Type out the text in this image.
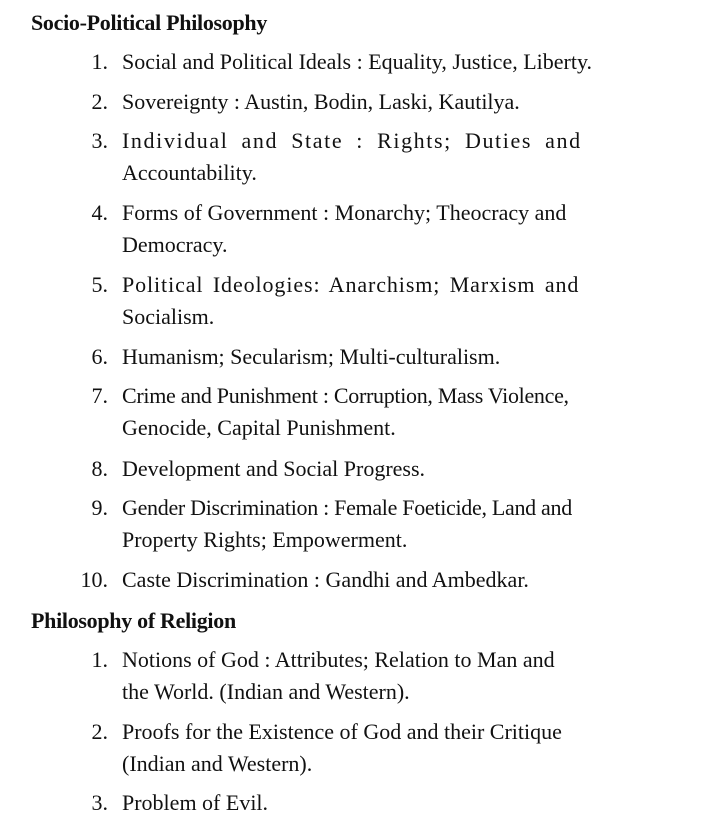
Socio-Political Philosophy
1. Social and Political Ideals : Equality, Justice, Liberty.
2. Sovereignty : Austin, Bodin, Laski, Kautilya.
3. Individual and State : Rights; Duties and
Accountability.
4. Forms of Government : Monarchy; Theocracy and
Democracy.
5. Political Ideologies: Anarchism; Marxism and
Socialism.
6. Humanism; Secularism; Multi-culturalism.
7. Crime and Punishment : Corruption, Mass Violence,
Genocide, Capital Punishment.
8. Development and Social Progress.
9. Gender Discrimination : Female Foeticide, Land and
Property Rights; Empowerment.
10. Caste Discrimination : Gandhi and Ambedkar.
Philosophy of Religion
1. Notions of God : Attributes; Relation to Man and
the World. (Indian and Western).
2. Proofs for the Existence of God and their Critique
(Indian and Western).
3. Problem of Evil.
